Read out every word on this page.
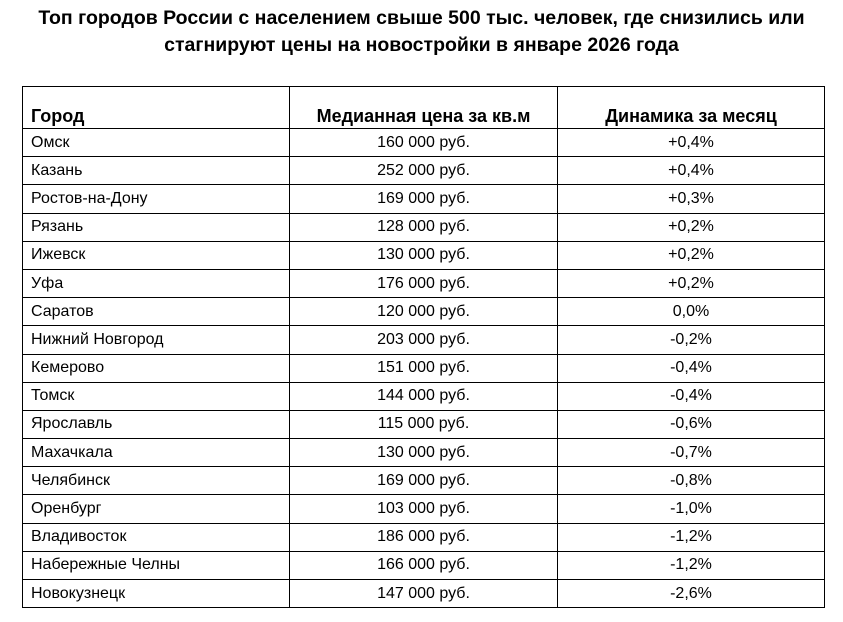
Топ городов России с населением свыше 500 тыс. человек, где снизились или
стагнируют цены на новостройки в январе 2026 года
Город	Медианная цена за кв.м	Динамика за месяц
Омск	160 000 руб.	+0,4%
Казань	252 000 руб.	+0,4%
Ростов-на-Дону	169 000 руб.	+0,3%
Рязань	128 000 руб.	+0,2%
Ижевск	130 000 руб.	+0,2%
Уфа	176 000 руб.	+0,2%
Саратов	120 000 руб.	0,0%
Нижний Новгород	203 000 руб.	-0,2%
Кемерово	151 000 руб.	-0,4%
Томск	144 000 руб.	-0,4%
Ярославль	115 000 руб.	-0,6%
Махачкала	130 000 руб.	-0,7%
Челябинск	169 000 руб.	-0,8%
Оренбург	103 000 руб.	-1,0%
Владивосток	186 000 руб.	-1,2%
Набережные Челны	166 000 руб.	-1,2%
Новокузнецк	147 000 руб.	-2,6%
